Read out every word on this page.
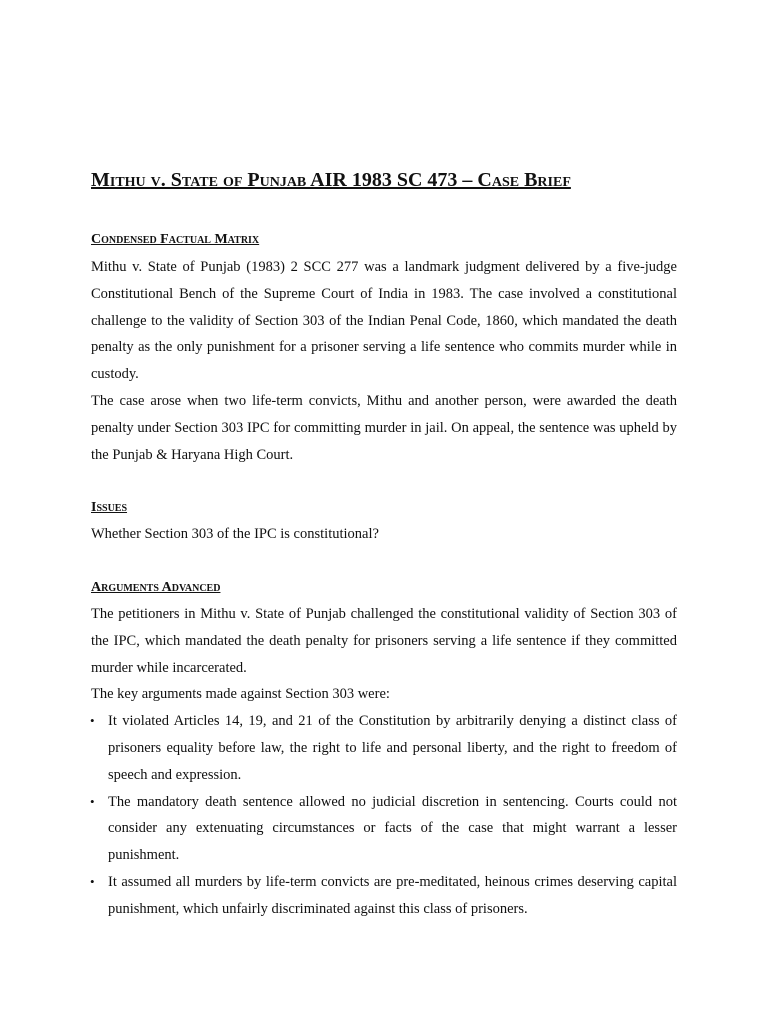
Mithu v. State of Punjab AIR 1983 SC 473 – Case Brief
Condensed Factual Matrix

Mithu v. State of Punjab (1983) 2 SCC 277 was a landmark judgment delivered by a five-judge Constitutional Bench of the Supreme Court of India in 1983. The case involved a constitutional challenge to the validity of Section 303 of the Indian Penal Code, 1860, which mandated the death penalty as the only punishment for a prisoner serving a life sentence who commits murder while in custody.

The case arose when two life-term convicts, Mithu and another person, were awarded the death penalty under Section 303 IPC for committing murder in jail. On appeal, the sentence was upheld by the Punjab & Haryana High Court.

Issues

Whether Section 303 of the IPC is constitutional?

Arguments Advanced

The petitioners in Mithu v. State of Punjab challenged the constitutional validity of Section 303 of the IPC, which mandated the death penalty for prisoners serving a life sentence if they committed murder while incarcerated.

The key arguments made against Section 303 were:

• It violated Articles 14, 19, and 21 of the Constitution by arbitrarily denying a distinct class of prisoners equality before law, the right to life and personal liberty, and the right to freedom of speech and expression.
• The mandatory death sentence allowed no judicial discretion in sentencing. Courts could not consider any extenuating circumstances or facts of the case that might warrant a lesser punishment.
• It assumed all murders by life-term convicts are pre-meditated, heinous crimes deserving capital punishment, which unfairly discriminated against this class of prisoners.
